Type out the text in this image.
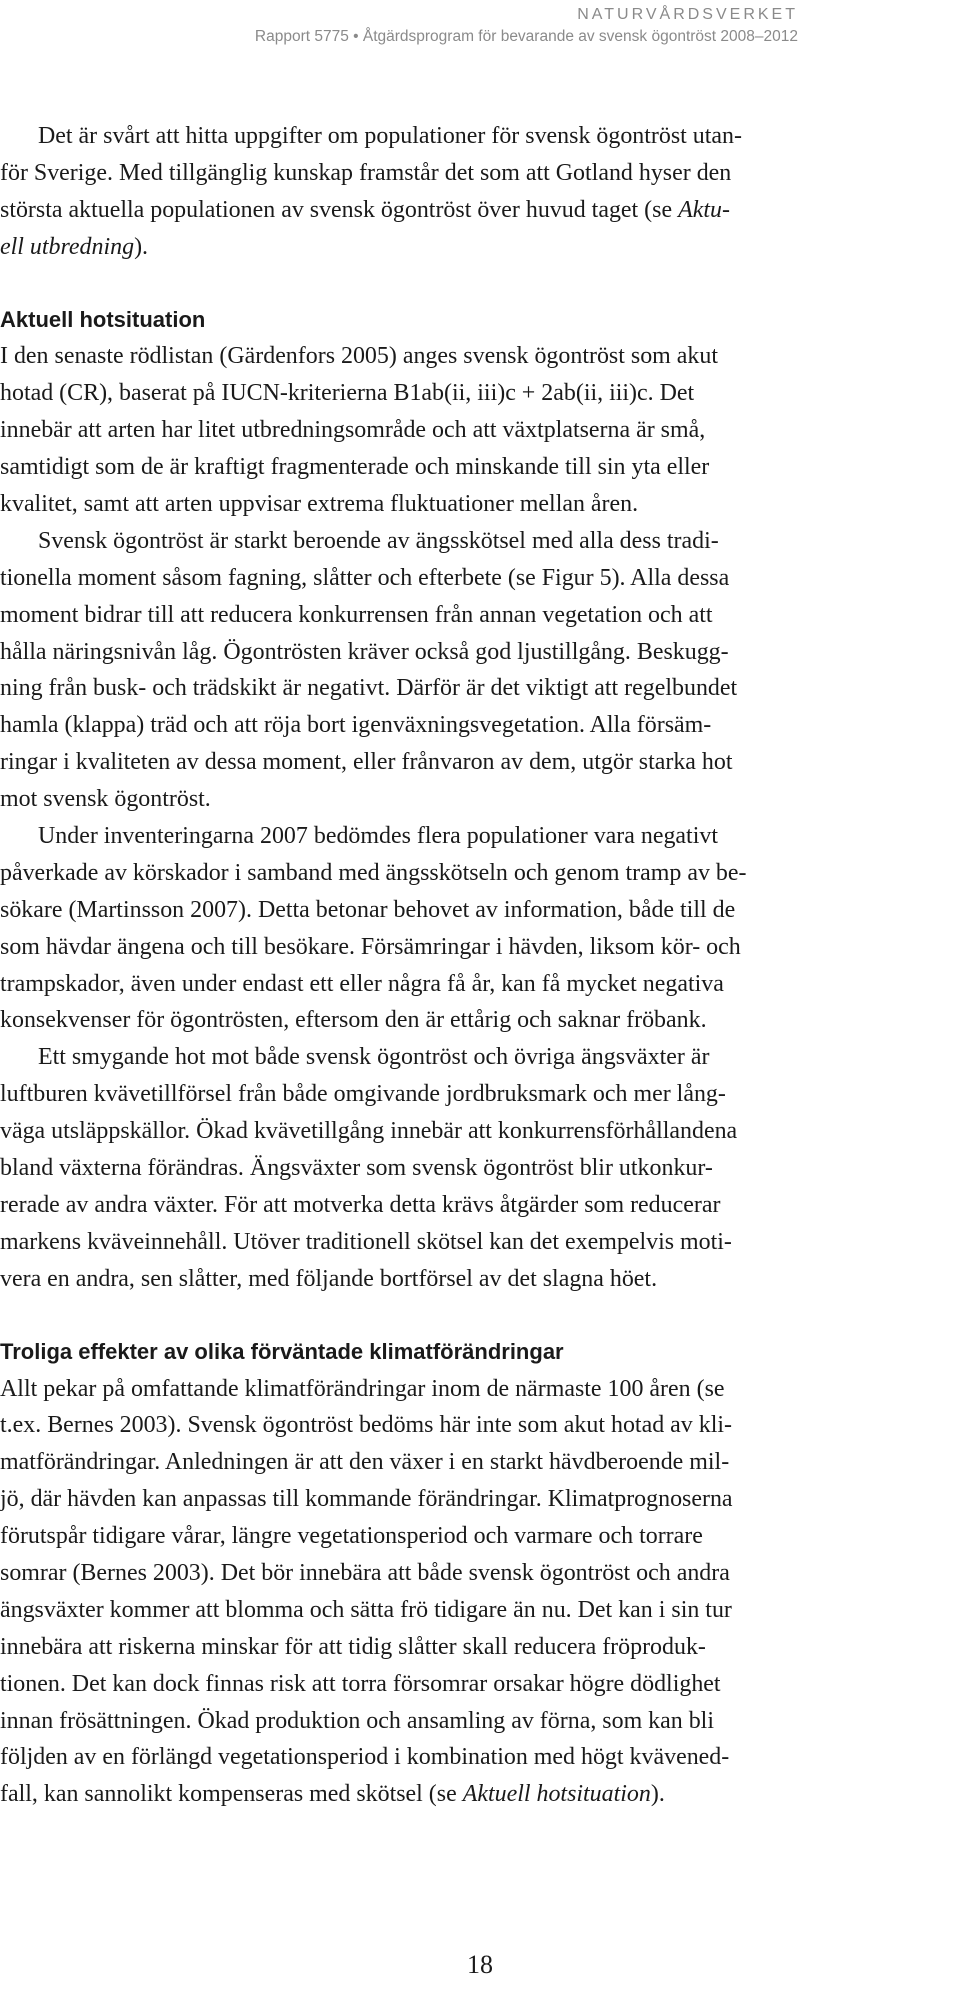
NATURVÅRDSVERKET
Rapport 5775 • Åtgärdsprogram för bevarande av svensk ögontröst 2008–2012
Det är svårt att hitta uppgifter om populationer för svensk ögontröst utan-
för Sverige. Med tillgänglig kunskap framstår det som att Gotland hyser den
största aktuella populationen av svensk ögontröst över huvud taget (se Aktu-
ell utbredning).
Aktuell hotsituation
I den senaste rödlistan (Gärdenfors 2005) anges svensk ögontröst som akut
hotad (CR), baserat på IUCN-kriterierna B1ab(ii, iii)c + 2ab(ii, iii)c. Det
innebär att arten har litet utbredningsområde och att växtplatserna är små,
samtidigt som de är kraftigt fragmenterade och minskande till sin yta eller
kvalitet, samt att arten uppvisar extrema fluktuationer mellan åren.
Svensk ögontröst är starkt beroende av ängsskötsel med alla dess tradi-
tionella moment såsom fagning, slåtter och efterbete (se Figur 5). Alla dessa
moment bidrar till att reducera konkurrensen från annan vegetation och att
hålla näringsnivån låg. Ögontrösten kräver också god ljustillgång. Beskugg-
ning från busk- och trädskikt är negativt. Därför är det viktigt att regelbundet
hamla (klappa) träd och att röja bort igenväxningsvegetation. Alla försäm-
ringar i kvaliteten av dessa moment, eller frånvaron av dem, utgör starka hot
mot svensk ögontröst.
Under inventeringarna 2007 bedömdes flera populationer vara negativt
påverkade av körskador i samband med ängsskötseln och genom tramp av be-
sökare (Martinsson 2007). Detta betonar behovet av information, både till de
som hävdar ängena och till besökare. Försämringar i hävden, liksom kör- och
trampskador, även under endast ett eller några få år, kan få mycket negativa
konsekvenser för ögontrösten, eftersom den är ettårig och saknar fröbank.
Ett smygande hot mot både svensk ögontröst och övriga ängsväxter är
luftburen kvävetillförsel från både omgivande jordbruksmark och mer lång-
väga utsläppskällor. Ökad kvävetillgång innebär att konkurrensförhållandena
bland växterna förändras. Ängsväxter som svensk ögontröst blir utkonkur-
rerade av andra växter. För att motverka detta krävs åtgärder som reducerar
markens kväveinnehåll. Utöver traditionell skötsel kan det exempelvis moti-
vera en andra, sen slåtter, med följande bortförsel av det slagna höet.
Troliga effekter av olika förväntade klimatförändringar
Allt pekar på omfattande klimatförändringar inom de närmaste 100 åren (se
t.ex. Bernes 2003). Svensk ögontröst bedöms här inte som akut hotad av kli-
matförändringar. Anledningen är att den växer i en starkt hävdberoende mil-
jö, där hävden kan anpassas till kommande förändringar. Klimatprognoserna
förutspår tidigare vårar, längre vegetationsperiod och varmare och torrare
somrar (Bernes 2003). Det bör innebära att både svensk ögontröst och andra
ängsväxter kommer att blomma och sätta frö tidigare än nu. Det kan i sin tur
innebära att riskerna minskar för att tidig slåtter skall reducera fröproduk-
tionen. Det kan dock finnas risk att torra försomrar orsakar högre dödlighet
innan frösättningen. Ökad produktion och ansamling av förna, som kan bli
följden av en förlängd vegetationsperiod i kombination med högt kvävened-
fall, kan sannolikt kompenseras med skötsel (se Aktuell hotsituation).
18
